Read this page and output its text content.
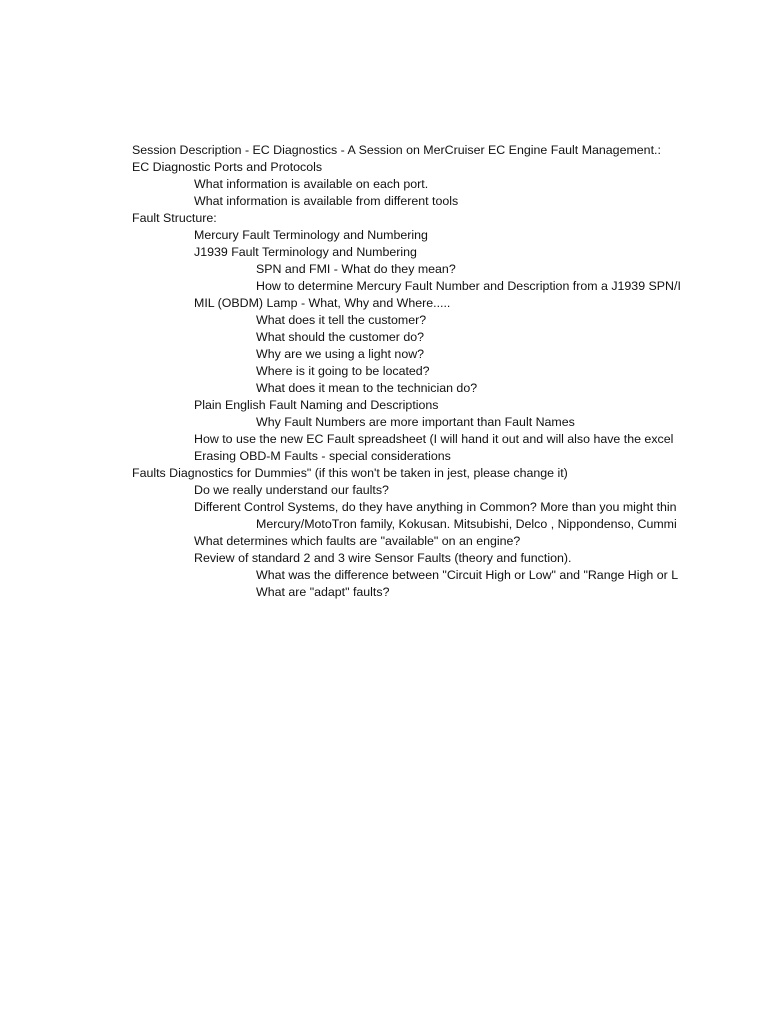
Session Description - EC Diagnostics - A Session on MerCruiser EC Engine Fault Management.:
EC Diagnostic Ports and Protocols
What information is available on each port.
What information is available from different tools
Fault Structure:
Mercury Fault Terminology and Numbering
J1939 Fault Terminology and Numbering
SPN and FMI - What do they mean?
How to determine Mercury Fault Number and Description from a J1939 SPN/I
MIL (OBDM) Lamp - What, Why and Where.....
What does it tell the customer?
What should the customer do?
Why are we using a light now?
Where is it going to be located?
What does it mean to the technician do?
Plain English Fault Naming and Descriptions
Why Fault Numbers are more important than Fault Names
How to use the new EC Fault spreadsheet (I will hand it out and will also have the excel
Erasing OBD-M Faults - special considerations
Faults Diagnostics for Dummies" (if this won't be taken in jest, please change it)
Do we really understand our faults?
Different Control Systems, do they have anything in Common? More than you might thin
Mercury/MotoTron family, Kokusan. Mitsubishi, Delco , Nippondenso, Cummi
What determines which faults are "available" on an engine?
Review of standard 2 and 3 wire Sensor Faults (theory and function).
What was the difference between "Circuit High or Low" and "Range High or L
What are "adapt" faults?
